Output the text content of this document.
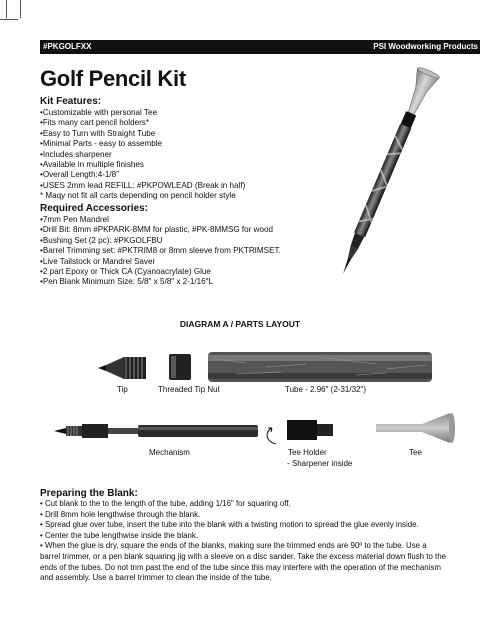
#PKGOLFXX	PSI Woodworking Products
Golf Pencil Kit
Kit Features:
• Customizable with personal Tee
• Fits many cart pencil holders*
• Easy to Turn with Straight Tube
• Minimal Parts - easy to assemble
• Includes sharpener
• Available in multiple finishes
• Overall Length:4-1/8"
• USES 2mm lead REFILL: #PKPOWLEAD (Break in half)
* Maqy not fit all carts depending on pencil holder style
Required Accessories:
• 7mm Pen Mandrel
• Drill Bit: 8mm #PKPARK-8MM for plastic, #PK-8MMSG for wood
• Bushing Set (2 pc): #PKGOLFBU
• Barrel Trimming set: #PKTRIM8 or 8mm sleeve from PKTRIMSET.
• Live Tailstock or Mandrel Saver
• 2 part Epoxy or Thick CA (Cyanoacrylate) Glue
• Pen Blank Minimum Size: 5/8" x 5/8" x 2-1/16"L
DIAGRAM A / PARTS LAYOUT
Tip	Threaded Tip Nut	Tube - 2.96" (2-31/32")
Mechanism	Tee Holder
- Sharpener inside
Tee
Preparing the Blank:
• Cut blank to the to the length of the tube, adding 1/16" for squaring off.
• Drill 8mm hole lengthwise through the blank.
• Spread glue over tube, insert the tube into the blank with a twisting motion to spread the glue evenly inside.
• Center the tube lengthwise inside the blank.
• When the glue is dry, square the ends of the blanks, making sure the trimmed ends are 90º to the tube. Use a
barrel trimmer, or a pen blank squaring jig with a sleeve on a disc sander. Take the excess material down flush to the
ends of the tubes. Do not trim past the end of the tube since this may interfere with the operation of the mechanism
and assembly. Use a barrel trimmer to clean the inside of the tube.
